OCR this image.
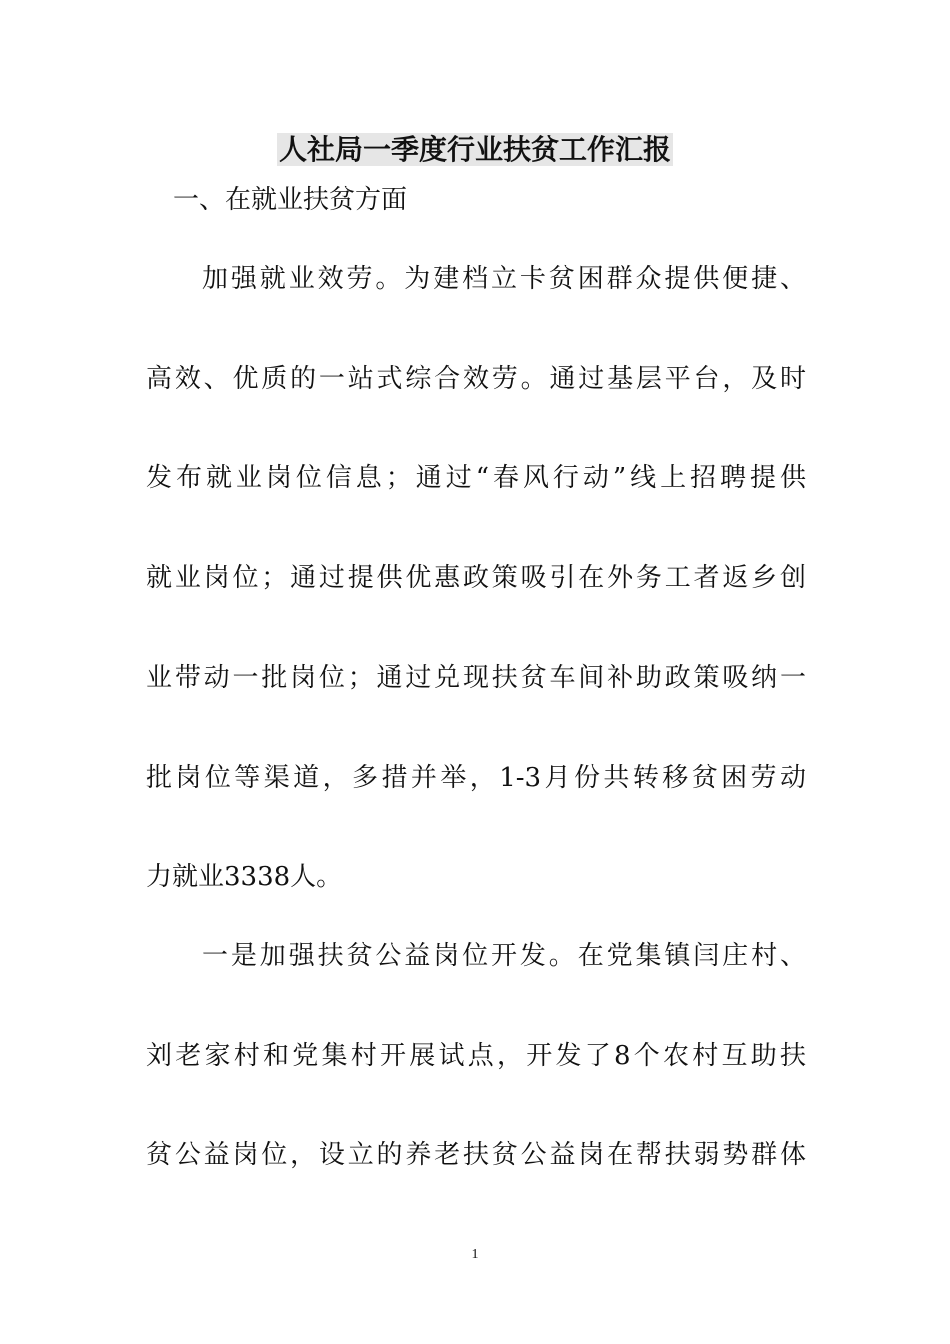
人社局一季度行业扶贫工作汇报
一、在就业扶贫方面
加强就业效劳。为建档立卡贫困群众提供便捷、
高效、优质的一站式综合效劳。通过基层平台，及时
发布就业岗位信息；通过“春风行动”线上招聘提供
就业岗位；通过提供优惠政策吸引在外务工者返乡创
业带动一批岗位；通过兑现扶贫车间补助政策吸纳一
批岗位等渠道，多措并举，1-3月份共转移贫困劳动
力就业3338人。
一是加强扶贫公益岗位开发。在党集镇闫庄村、
刘老家村和党集村开展试点，开发了8个农村互助扶
贫公益岗位，设立的养老扶贫公益岗在帮扶弱势群体
1
